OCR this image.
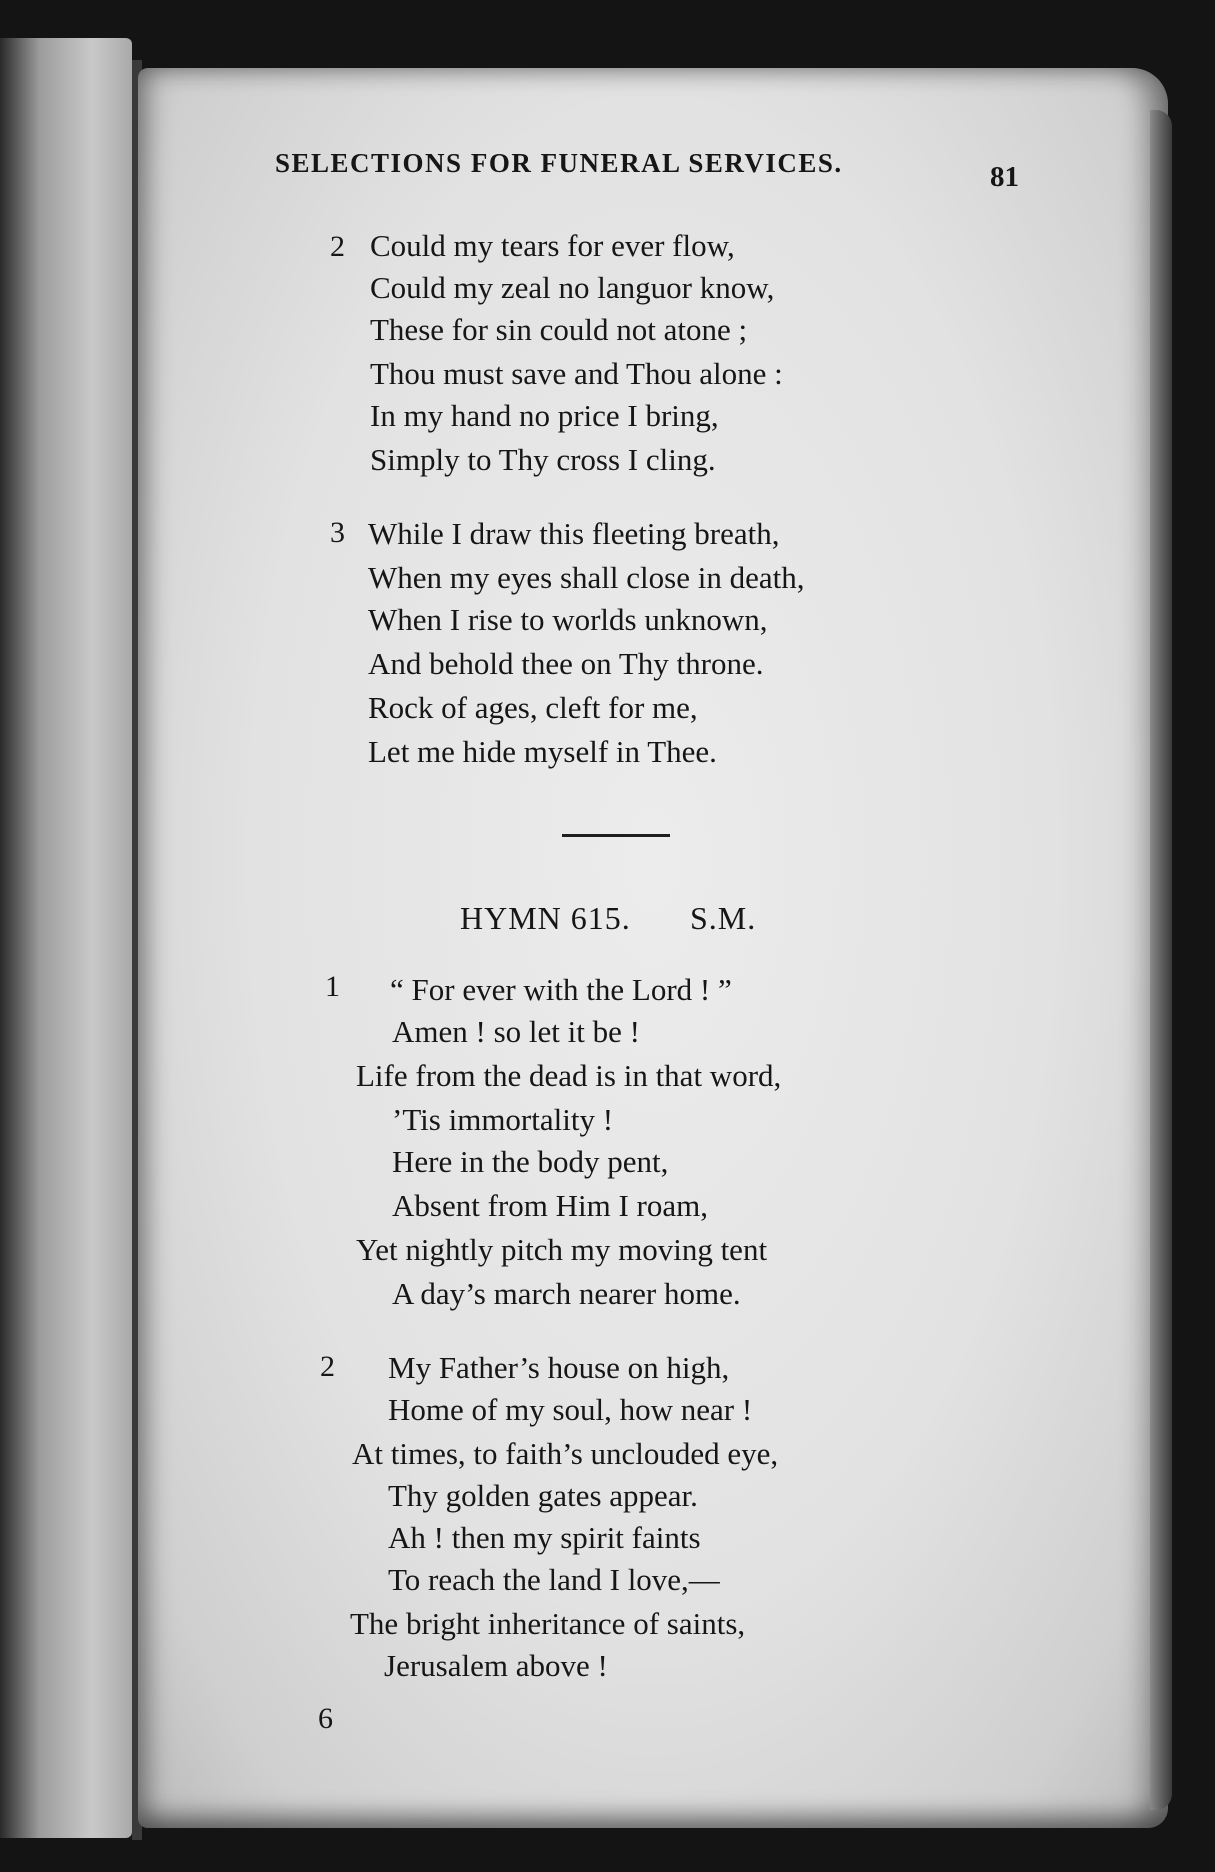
SELECTIONS FOR FUNERAL SERVICES.	81
2 Could my tears for ever flow,
Could my zeal no languor know,
These for sin could not atone ;
Thou must save and Thou alone :
In my hand no price I bring,
Simply to Thy cross I cling.
3 While I draw this fleeting breath,
When my eyes shall close in death,
When I rise to worlds unknown,
And behold thee on Thy throne.
Rock of ages, cleft for me,
Let me hide myself in Thee.
HYMN 615. S.M.
1 “ For ever with the Lord ! ”
Amen ! so let it be !
Life from the dead is in that word,
’Tis immortality !
Here in the body pent,
Absent from Him I roam,
Yet nightly pitch my moving tent
A day’s march nearer home.
2 My Father’s house on high,
Home of my soul, how near !
At times, to faith’s unclouded eye,
Thy golden gates appear.
Ah ! then my spirit faints
To reach the land I love,—
The bright inheritance of saints,
Jerusalem above !
6
